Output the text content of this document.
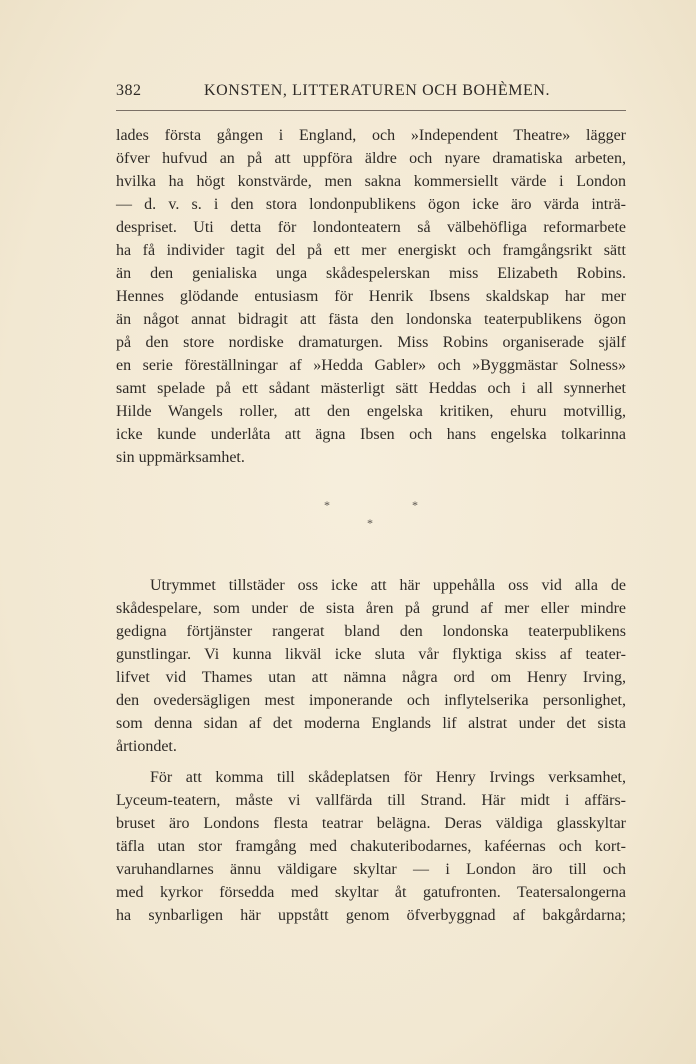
382	KONSTEN, LITTERATUREN OCH BOHÈMEN.
lades första gången i England, och »Independent Theatre» lägger
öfver hufvud an på att uppföra äldre och nyare dramatiska arbeten,
hvilka ha högt konstvärde, men sakna kommersiellt värde i London
— d. v. s. i den stora londonpublikens ögon icke äro värda inträ-
despriset. Uti detta för londonteatern så välbehöfliga reformarbete
ha få individer tagit del på ett mer energiskt och framgångsrikt sätt
än den genialiska unga skådespelerskan miss Elizabeth Robins.
Hennes glödande entusiasm för Henrik Ibsens skaldskap har mer
än något annat bidragit att fästa den londonska teaterpublikens ögon
på den store nordiske dramaturgen. Miss Robins organiserade själf
en serie föreställningar af »Hedda Gabler» och »Byggmästar Solness»
samt spelade på ett sådant mästerligt sätt Heddas och i all synnerhet
Hilde Wangels roller, att den engelska kritiken, ehuru motvillig,
icke kunde underlåta att ägna Ibsen och hans engelska tolkarinna
sin uppmärksamhet.
*	*
*
Utrymmet tillstäder oss icke att här uppehålla oss vid alla de
skådespelare, som under de sista åren på grund af mer eller mindre
gedigna förtjänster rangerat bland den londonska teaterpublikens
gunstlingar. Vi kunna likväl icke sluta vår flyktiga skiss af teater-
lifvet vid Thames utan att nämna några ord om Henry Irving,
den ovedersägligen mest imponerande och inflytelserika personlighet,
som denna sidan af det moderna Englands lif alstrat under det sista
årtiondet.
För att komma till skådeplatsen för Henry Irvings verksamhet,
Lyceum-teatern, måste vi vallfärda till Strand. Här midt i affärs-
bruset äro Londons flesta teatrar belägna. Deras väldiga glasskyltar
täfla utan stor framgång med chakuteribodarnes, kaféernas och kort-
varuhandlarnes ännu väldigare skyltar — i London äro till och
med kyrkor försedda med skyltar åt gatufronten. Teatersalongerna
ha synbarligen här uppstått genom öfverbyggnad af bakgårdarna;
